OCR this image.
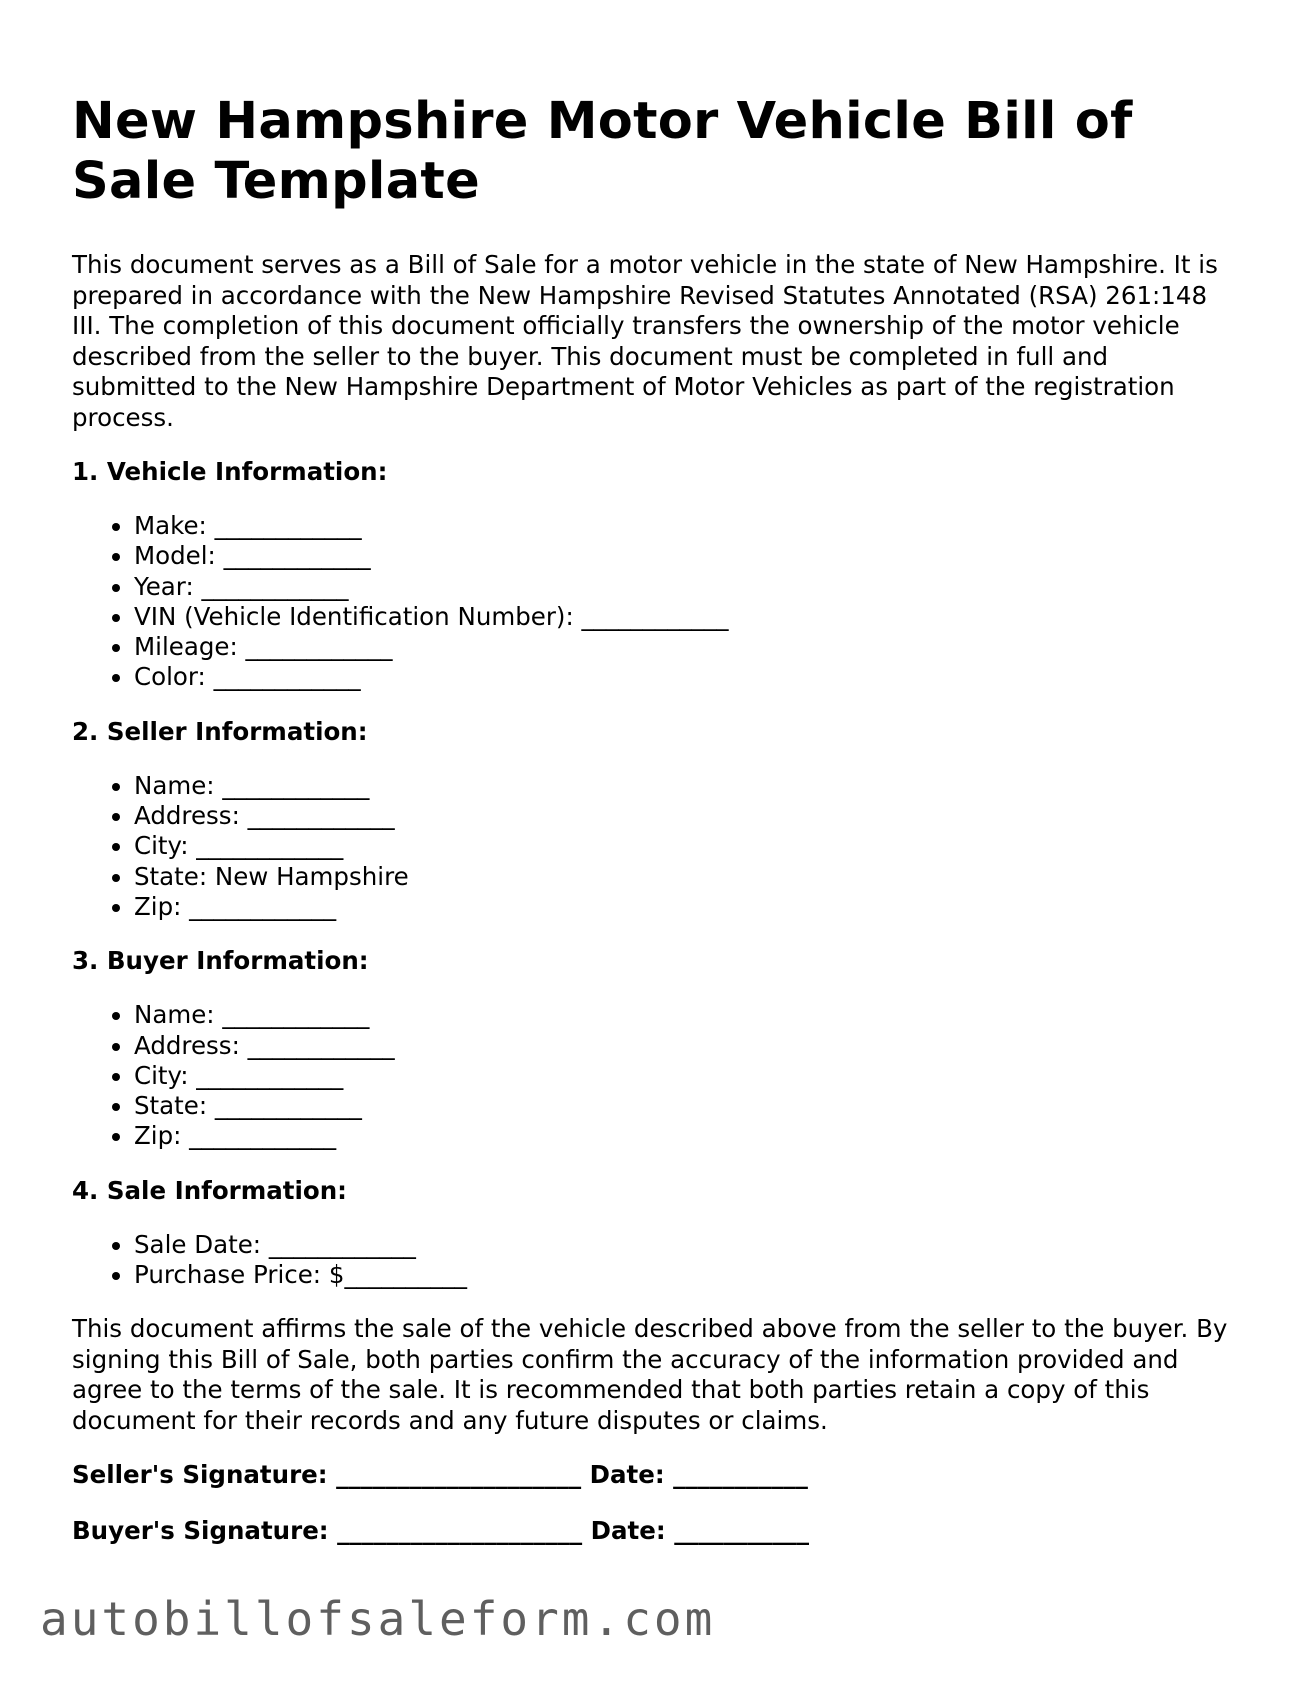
New Hampshire Motor Vehicle Bill of Sale Template

This document serves as a Bill of Sale for a motor vehicle in the state of New Hampshire. It is prepared in accordance with the New Hampshire Revised Statutes Annotated (RSA) 261:148 III. The completion of this document officially transfers the ownership of the motor vehicle described from the seller to the buyer. This document must be completed in full and submitted to the New Hampshire Department of Motor Vehicles as part of the registration process.

1. Vehicle Information:
• Make: ____________
• Model: ____________
• Year: ____________
• VIN (Vehicle Identification Number): ____________
• Mileage: ____________
• Color: ____________
2. Seller Information:
• Name: ____________
• Address: ____________
• City: ____________
• State: New Hampshire
• Zip: ____________
3. Buyer Information:
• Name: ____________
• Address: ____________
• City: ____________
• State: ____________
• Zip: ____________
4. Sale Information:
• Sale Date: ____________
• Purchase Price: $__________

This document affirms the sale of the vehicle described above from the seller to the buyer. By signing this Bill of Sale, both parties confirm the accuracy of the information provided and agree to the terms of the sale. It is recommended that both parties retain a copy of this document for their records and any future disputes or claims.

Seller's Signature: ____________________ Date: ___________

Buyer's Signature: ____________________ Date: ___________

autobillofsaleform.com
